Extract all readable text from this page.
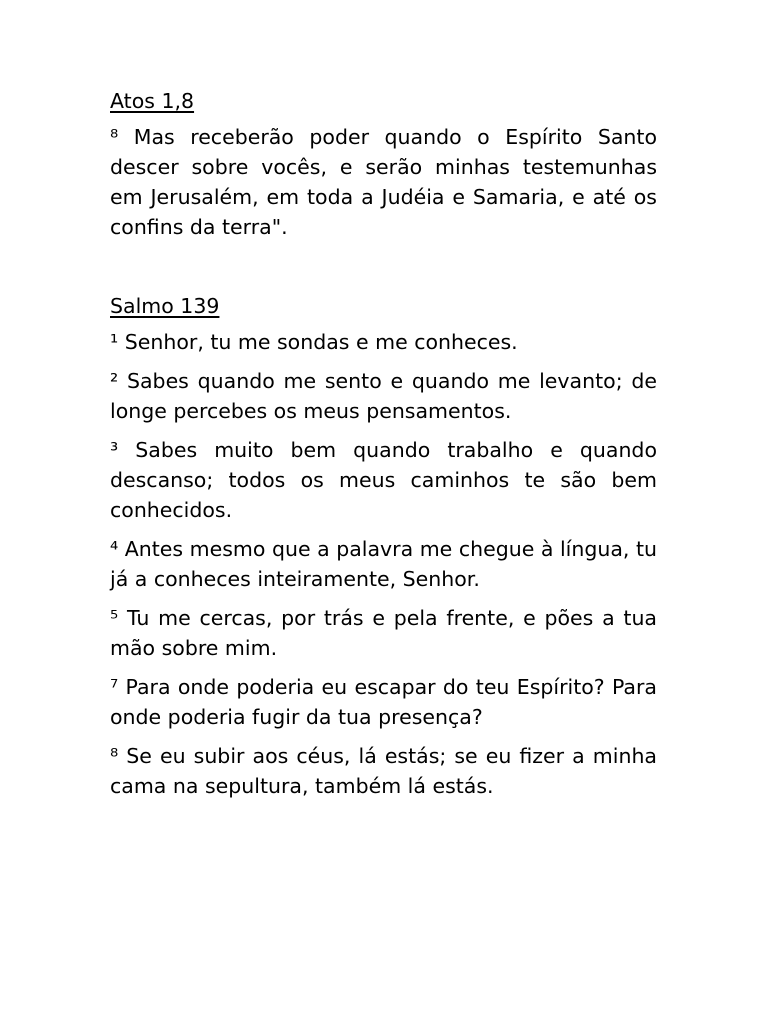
Atos 1,8
⁸ Mas receberão poder quando o Espírito Santo descer sobre vocês, e serão minhas testemunhas em Jerusalém, em toda a Judéia e Samaria, e até os confins da terra".
Salmo 139
¹ Senhor, tu me sondas e me conheces.
² Sabes quando me sento e quando me levanto; de longe percebes os meus pensamentos.
³ Sabes muito bem quando trabalho e quando descanso; todos os meus caminhos te são bem conhecidos.
⁴ Antes mesmo que a palavra me chegue à língua, tu já a conheces inteiramente, Senhor.
⁵ Tu me cercas, por trás e pela frente, e pões a tua mão sobre mim.
⁷ Para onde poderia eu escapar do teu Espírito? Para onde poderia fugir da tua presença?
⁸ Se eu subir aos céus, lá estás; se eu fizer a minha cama na sepultura, também lá estás.
